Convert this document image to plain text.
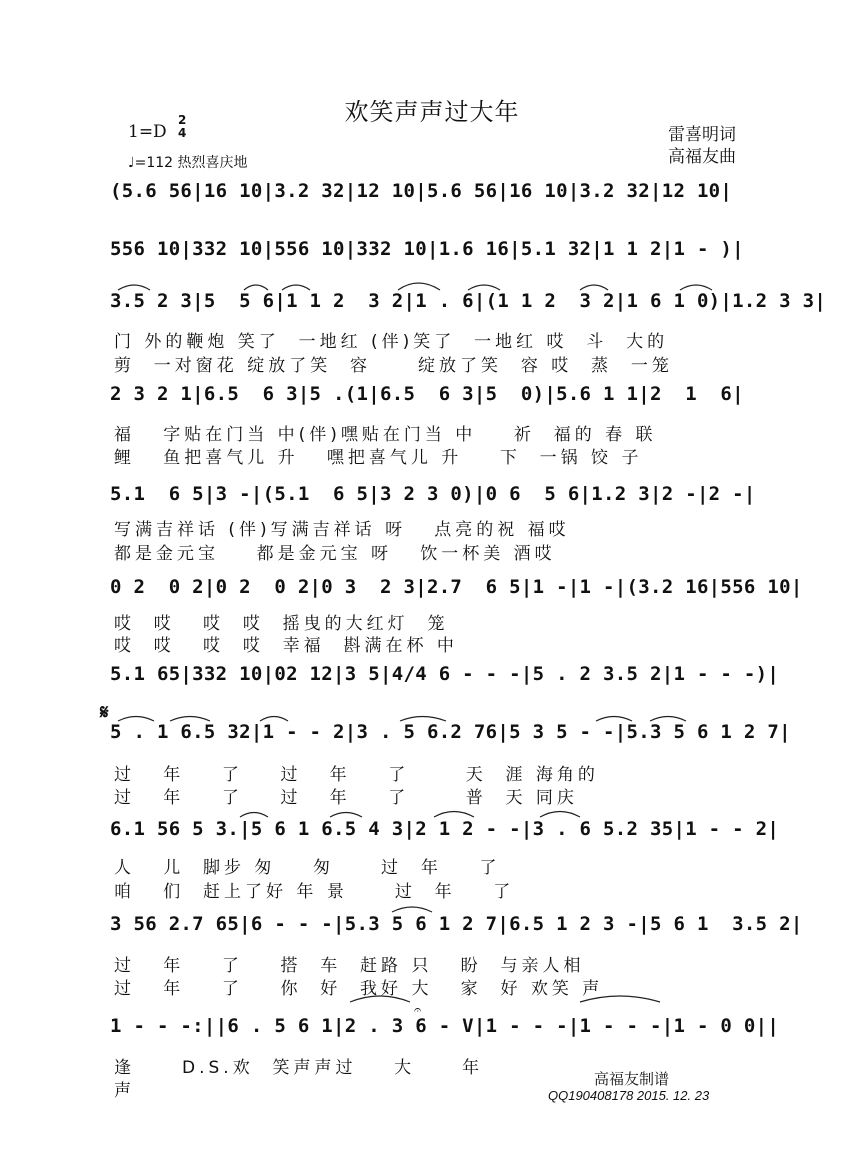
欢笑声声过大年
雷喜明词
高福友曲
1=D
2
4
♩=112 热烈喜庆地
(5.6 56|16 10|3.2 32|12 10|5.6 56|16 10|3.2 32|12 10|
556 10|332 10|556 10|332 10|1.6 16|5.1 32|1 1 2|1 - )|
3.5 2 3|5  5 6|1 1 2  3 2|1 . 6|(1 1 2  3 2|1 6 1 0)|1.2 3 3|
门 外的鞭炮 笑了  一地红 (伴)笑了  一地红 哎  斗  大的
剪  一对窗花 绽放了笑  容     绽放了笑  容 哎  蒸  一笼
2 3 2 1|6.5  6 3|5 .(1|6.5  6 3|5  0)|5.6 1 1|2  1  6|
福   字贴在门当 中(伴)嘿贴在门当 中    祈  福的 春 联
鲤   鱼把喜气儿 升   嘿把喜气儿 升    下  一锅 饺 子
5.1  6 5|3 -|(5.1  6 5|3 2 3 0)|0 6  5 6|1.2 3|2 -|2 -|
写满吉祥话 (伴)写满吉祥话 呀   点亮的祝 福哎
都是金元宝    都是金元宝 呀   饮一杯美 酒哎
0 2  0 2|0 2  0 2|0 3  2 3|2.7  6 5|1 -|1 -|(3.2 16|556 10|
哎  哎   哎  哎  摇曳的大红灯  笼
哎  哎   哎  哎  幸福  斟满在杯 中
5.1 65|332 10|02 12|3 5|4/4 6 - - -|5 . 2 3.5 2|1 - - -)|
𝄋
5 . 1 6.5 32|1 - - 2|3 . 5 6.2 76|5 3 5 - -|5.3 5 6 1 2 7|
过   年    了    过   年    了      天  涯 海角的
过   年    了    过   年    了      普  天 同庆
6.1 56 5 3.|5 6 1 6.5 4 3|2 1 2 - -|3 . 6 5.2 35|1 - - 2|
人   儿  脚步 匆    匆     过  年    了
咱   们  赶上了好 年 景     过  年    了
3 56 2.7 65|6 - - -|5.3 5 6 1 2 7|6.5 1 2 3 -|5 6 1  3.5 2|
过   年    了    搭  车  赶路 只   盼  与亲人相
过   年    了    你  好  我好 大   家  好 欢笑 声
𝄐
1 - - -:||6 . 5 6 1|2 . 3 6 - V|1 - - -|1 - - -|1 - 0 0||
逢     D.S.欢  笑声声过    大     年
声
高福友制谱
QQ190408178 2015. 12. 23
